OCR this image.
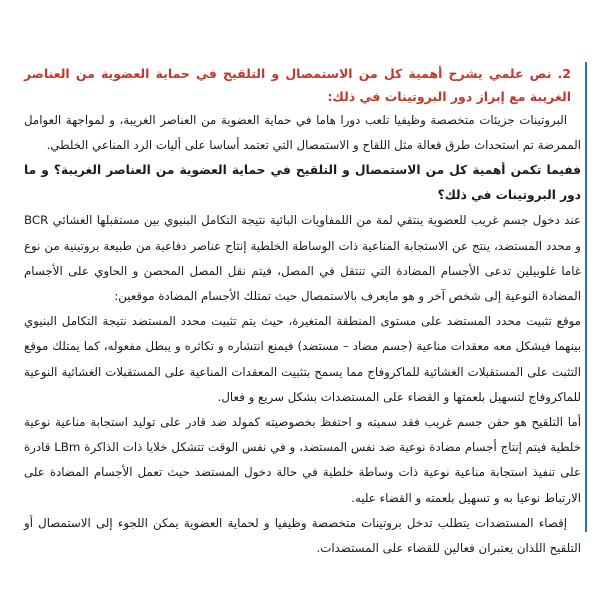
2. نص علمي يشرح أهمية كل من الاستمصال و التلقيح في حماية العضوية من العناصر الغريبة مع إبراز دور البروتينات في ذلك:

البروتينات جزيئات متخصصة وظيفيا تلعب دورا هاما في حماية العضوية من العناصر الغريبة، و لمواجهة العوامل الممرضة تم استحداث طرق فعالة مثل اللقاح و الاستمصال التي تعتمد أساسا على أليات الرد المناعي الخلطي.

ففيما تكمن أهمية كل من الاستمصال و التلقيح في حماية العضوية من العناصر الغريبة؟ و ما دور البروتينات في ذلك؟

عند دخول جسم غريب للعضوية ينتقي لمة من اللمفاويات البائية نتيجة التكامل البنيوي بين مستقبلها الغشائي BCR و محدد المستضد، ينتج عن الاستجابة المناعية ذات الوساطة الخلطية إنتاج عناصر دفاعية من طبيعة بروتينية من نوع غاما غلوبيلين تدعى الأجسام المضادة التي تنتقل في المصل، فيتم نقل المصل المحصن و الحاوي على الأجسام المضادة النوعية إلى شخص آخر و هو مايعرف بالاستمصال حيث تمتلك الأجسام المضادة موقعين:

موقع تثبيت محدد المستضد على مستوى المنطقة المتغيرة، حيث يتم تثبيت محدد المستضد نتيجة التكامل البنيوي بينهما فيشكل معه معقدات مناعية (جسم مضاد – مستضد) فيمنع انتشاره و تكاثره و يبطل مفعوله، كما يمتلك موقع التثبت على المستقبلات الغشائية للماكروفاج مما يسمح بتثبيت المعقدات المناعية على المستقبلات الغشائية النوعية للماكروفاج لتسهيل بلعمتها و القضاء على المستضدات بشكل سريع و فعال.

أما التلقيح هو حقن جسم غريب فقد سميته و احتفظ بخصوصيته كمولد ضد قادر على توليد استجابة مناعية نوعية خلطية فيتم إنتاج أجسام مضادة نوعية ضد نفس المستضد، و في نفس الوقت تتشكل خلايا ذات الذاكرة LBm قادرة على تنفيذ استجابة مناعية نوعية ذات وساطة خلطية في حالة دخول المستضد حيث تعمل الأجسام المضادة على الارتباط نوعيا به و تسهيل بلعمته و القضاء عليه.

إقصاء المستضدات يتطلب تدخل بروتينات متخصصة وظيفيا و لحماية العضوية يمكن اللجوء إلى الاستمصال أو التلقيح اللذان يعتبران فعالين للقضاء على المستضدات.
